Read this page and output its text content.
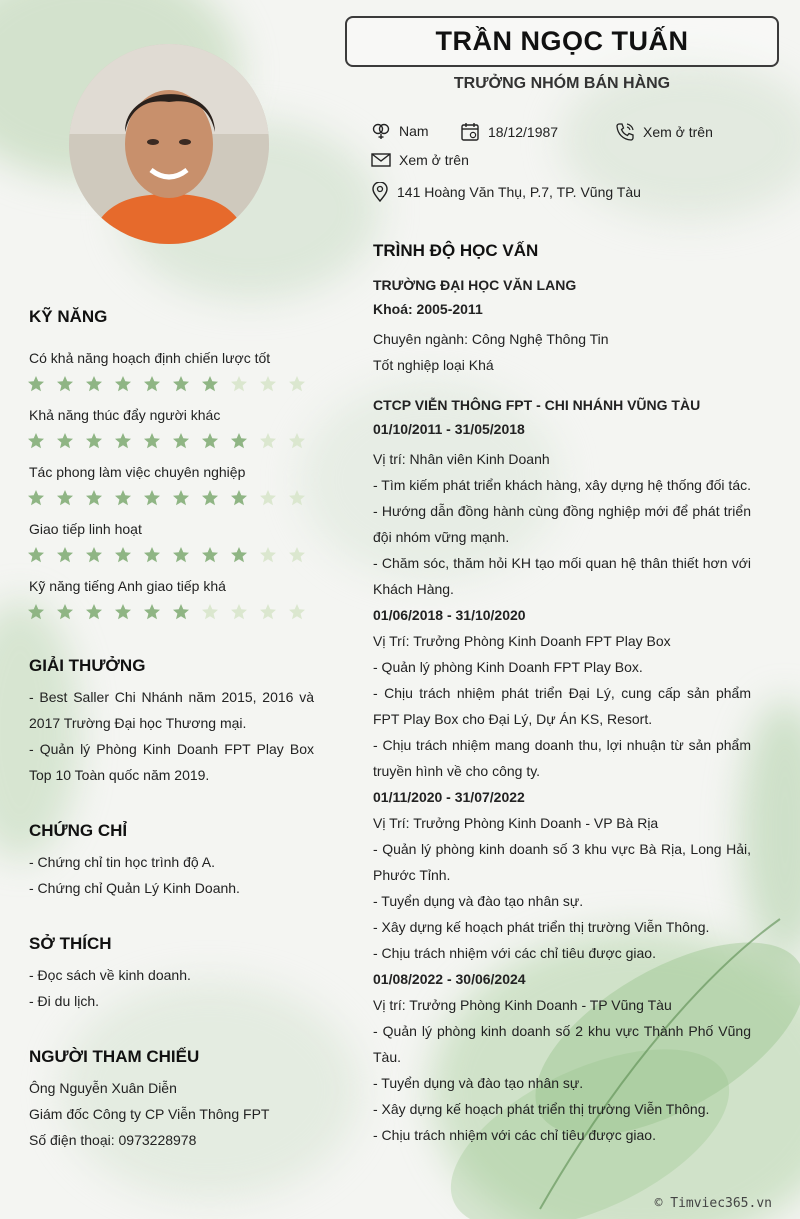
TRẦN NGỌC TUẤN
TRƯỞNG NHÓM BÁN HÀNG
Nam	18/12/1987	Xem ở trên
Xem ở trên
141 Hoàng Văn Thụ, P.7, TP. Vũng Tàu
KỸ NĂNG
Có khả năng hoạch định chiến lược tốt
Khả năng thúc đẩy người khác
Tác phong làm việc chuyên nghiệp
Giao tiếp linh hoạt
Kỹ năng tiếng Anh giao tiếp khá
GIẢI THƯỞNG
- Best Saller Chi Nhánh năm 2015, 2016 và 2017 Trường Đại học Thương mại.
- Quản lý Phòng Kinh Doanh FPT Play Box Top 10 Toàn quốc năm 2019.
CHỨNG CHỈ
- Chứng chỉ tin học trình độ A.
- Chứng chỉ Quản Lý Kinh Doanh.
SỞ THÍCH
- Đọc sách về kinh doanh.
- Đi du lịch.
NGƯỜI THAM CHIẾU
Ông Nguyễn Xuân Diễn
Giám đốc Công ty CP Viễn Thông FPT
Số điện thoại: 0973228978
TRÌNH ĐỘ HỌC VẤN
TRƯỜNG ĐẠI HỌC VĂN LANG
Khoá: 2005-2011
Chuyên ngành: Công Nghệ Thông Tin
Tốt nghiệp loại Khá
CTCP VIỄN THÔNG FPT - CHI NHÁNH VŨNG TÀU
01/10/2011 - 31/05/2018
Vị trí: Nhân viên Kinh Doanh
- Tìm kiếm phát triển khách hàng, xây dựng hệ thống đối tác.
- Hướng dẫn đồng hành cùng đồng nghiệp mới để phát triển đội nhóm vững mạnh.
- Chăm sóc, thăm hỏi KH tạo mối quan hệ thân thiết hơn với Khách Hàng.
01/06/2018 - 31/10/2020
Vị Trí: Trưởng Phòng Kinh Doanh FPT Play Box
- Quản lý phòng Kinh Doanh FPT Play Box.
- Chịu trách nhiệm phát triển Đại Lý, cung cấp sản phẩm FPT Play Box cho Đại Lý, Dự Án KS, Resort.
- Chịu trách nhiệm mang doanh thu, lợi nhuận từ sản phẩm truyền hình về cho công ty.
01/11/2020 - 31/07/2022
Vị Trí: Trưởng Phòng Kinh Doanh - VP Bà Rịa
- Quản lý phòng kinh doanh số 3 khu vực Bà Rịa, Long Hải, Phước Tỉnh.
- Tuyển dụng và đào tạo nhân sự.
- Xây dựng kế hoạch phát triển thị trường Viễn Thông.
- Chịu trách nhiệm với các chỉ tiêu được giao.
01/08/2022 - 30/06/2024
Vị trí: Trưởng Phòng Kinh Doanh - TP Vũng Tàu
- Quản lý phòng kinh doanh số 2 khu vực Thành Phố Vũng Tàu.
- Tuyển dụng và đào tạo nhân sự.
- Xây dựng kế hoạch phát triển thị trường Viễn Thông.
- Chịu trách nhiệm với các chỉ tiêu được giao.
© Timviec365.vn
